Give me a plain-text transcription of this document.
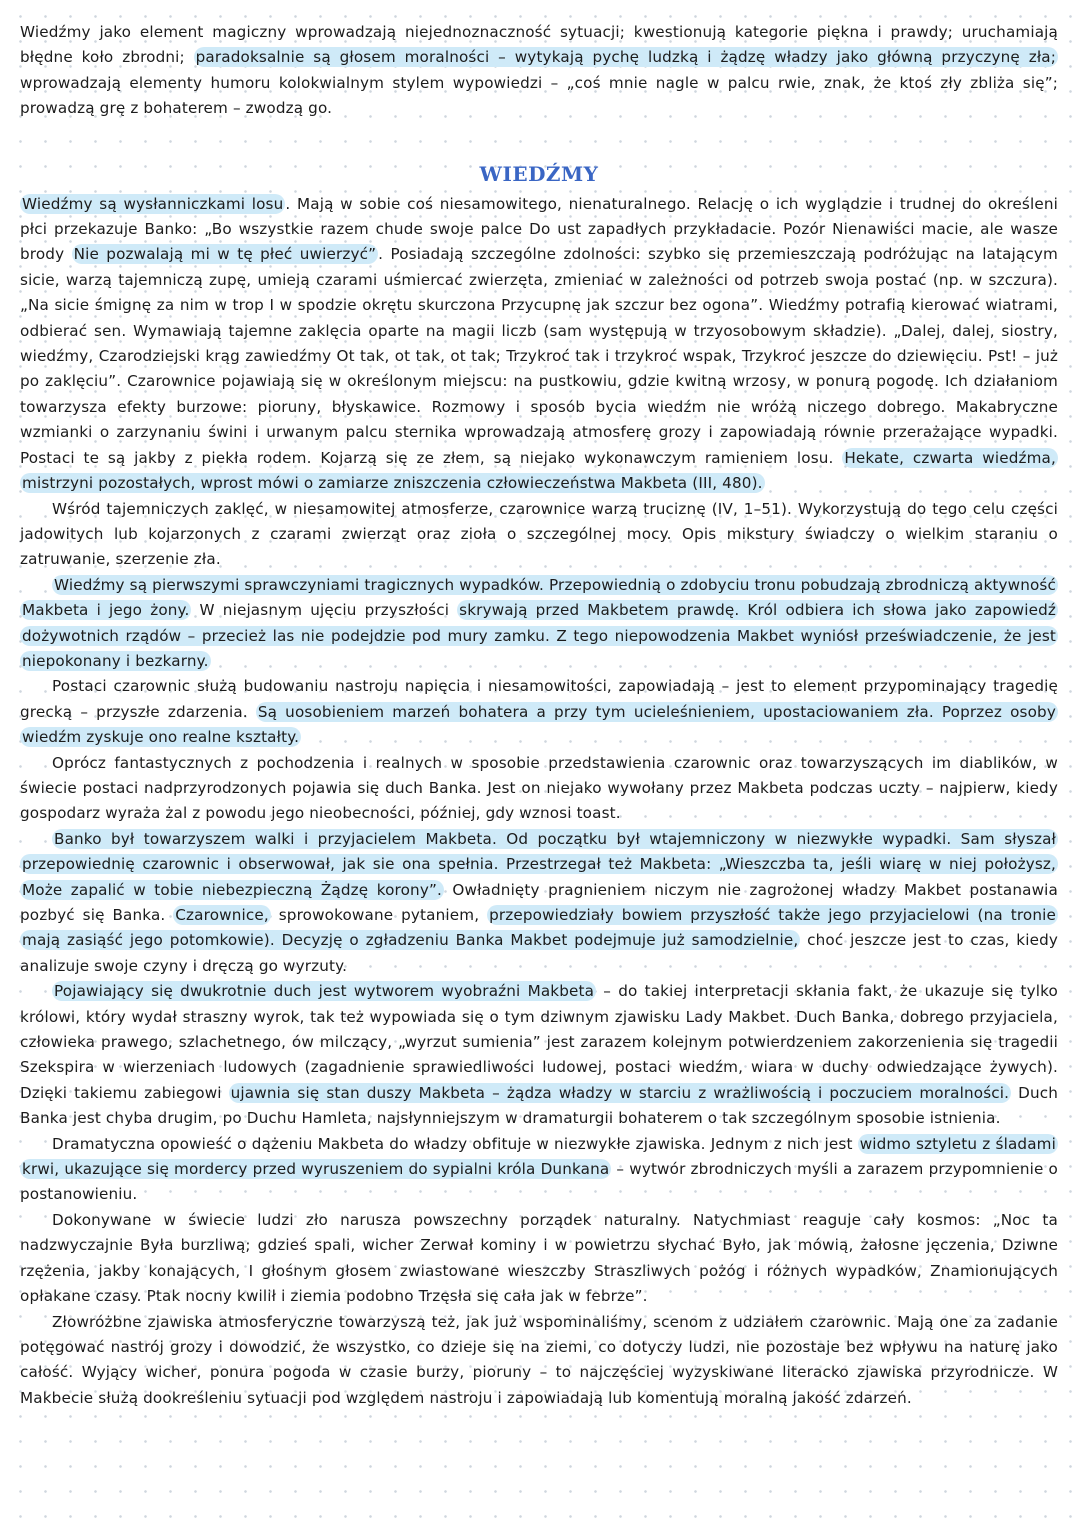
Wiedźmy jako element magiczny wprowadzają niejednoznaczność sytuacji; kwestionują kategorie piękna i prawdy; uruchamiają błędne koło zbrodni; paradoksalnie są głosem moralności – wytykają pychę ludzką i żądzę władzy jako główną przyczynę zła; wprowadzają elementy humoru kolokwialnym stylem wypowiedzi – „coś mnie nagle w palcu rwie, znak, że ktoś zły zbliża się”; prowadzą grę z bohaterem – zwodzą go.

WIEDŹMY

Wiedźmy są wysłanniczkami losu . Mają w sobie coś niesamowitego, nienaturalnego. Relację o ich wyglądzie i trudnej do określeni płci przekazuje Banko: „Bo wszystkie razem chude swoje palce Do ust zapadłych przykładacie. Pozór Nienawiści macie, ale wasze brody Nie pozwalają mi w tę płeć uwierzyć” . Posiadają szczególne zdolności: szybko się przemieszczają podróżując na latającym sicie, warzą tajemniczą zupę, umieją czarami uśmiercać zwierzęta, zmieniać w zależności od potrzeb swoja postać (np. w szczura). „Na sicie śmignę za nim w trop I w spodzie okrętu skurczona Przycupnę jak szczur bez ogona”. Wiedźmy potrafią kierować wiatrami, odbierać sen. Wymawiają tajemne zaklęcia oparte na magii liczb (sam występują w trzyosobowym składzie). „Dalej, dalej, siostry, wiedźmy, Czarodziejski krąg zawiedźmy Ot tak, ot tak, ot tak; Trzykroć tak i trzykroć wspak, Trzykroć jeszcze do dziewięciu. Pst! – już po zaklęciu”. Czarownice pojawiają się w określonym miejscu: na pustkowiu, gdzie kwitną wrzosy, w ponurą pogodę. Ich działaniom towarzysza efekty burzowe: pioruny, błyskawice. Rozmowy i sposób bycia wiedźm nie wróżą niczego dobrego. Makabryczne wzmianki o zarzynaniu świni i urwanym palcu sternika wprowadzają atmosferę grozy i zapowiadają równie przerażające wypadki. Postaci te są jakby z piekła rodem. Kojarzą się ze złem, są niejako wykonawczym ramieniem losu. Hekate, czwarta wiedźma, mistrzyni pozostałych, wprost mówi o zamiarze zniszczenia człowieczeństwa Makbeta (III, 480).

Wśród tajemniczych zaklęć, w niesamowitej atmosferze, czarownice warzą truciznę (IV, 1–51). Wykorzystują do tego celu części jadowitych lub kojarzonych z czarami zwierząt oraz zioła o szczególnej mocy. Opis mikstury świadczy o wielkim staraniu o zatruwanie, szerzenie zła.

Wiedźmy są pierwszymi sprawczyniami tragicznych wypadków. Przepowiednią o zdobyciu tronu pobudzają zbrodniczą aktywność Makbeta i jego żony. W niejasnym ujęciu przyszłości skrywają przed Makbetem prawdę. Król odbiera ich słowa jako zapowiedź dożywotnich rządów – przecież las nie podejdzie pod mury zamku. Z tego niepowodzenia Makbet wyniósł przeświadczenie, że jest niepokonany i bezkarny.

Postaci czarownic służą budowaniu nastroju napięcia i niesamowitości, zapowiadają – jest to element przypominający tragedię grecką – przyszłe zdarzenia. Są uosobieniem marzeń bohatera a przy tym ucieleśnieniem, upostaciowaniem zła. Poprzez osoby wiedźm zyskuje ono realne kształty.

Oprócz fantastycznych z pochodzenia i realnych w sposobie przedstawienia czarownic oraz towarzyszących im diablików, w świecie postaci nadprzyrodzonych pojawia się duch Banka. Jest on niejako wywołany przez Makbeta podczas uczty – najpierw, kiedy gospodarz wyraża żal z powodu jego nieobecności, później, gdy wznosi toast.

Banko był towarzyszem walki i przyjacielem Makbeta. Od początku był wtajemniczony w niezwykłe wypadki. Sam słyszał przepowiednię czarownic i obserwował, jak sie ona spełnia. Przestrzegał też Makbeta: „Wieszczba ta, jeśli wiarę w niej położysz, Może zapalić w tobie niebezpieczną Żądzę korony”. Owładnięty pragnieniem niczym nie zagrożonej władzy Makbet postanawia pozbyć się Banka. Czarownice, sprowokowane pytaniem, przepowiedziały bowiem przyszłość także jego przyjacielowi (na tronie mają zasiąść jego potomkowie). Decyzję o zgładzeniu Banka Makbet podejmuje już samodzielnie, choć jeszcze jest to czas, kiedy analizuje swoje czyny i dręczą go wyrzuty.

Pojawiający się dwukrotnie duch jest wytworem wyobraźni Makbeta – do takiej interpretacji skłania fakt, że ukazuje się tylko królowi, który wydał straszny wyrok, tak też wypowiada się o tym dziwnym zjawisku Lady Makbet. Duch Banka, dobrego przyjaciela, człowieka prawego, szlachetnego, ów milczący, „wyrzut sumienia” jest zarazem kolejnym potwierdzeniem zakorzenienia się tragedii Szekspira w wierzeniach ludowych (zagadnienie sprawiedliwości ludowej, postaci wiedźm, wiara w duchy odwiedzające żywych). Dzięki takiemu zabiegowi ujawnia się stan duszy Makbeta – żądza władzy w starciu z wrażliwością i poczuciem moralności. Duch Banka jest chyba drugim, po Duchu Hamleta, najsłynniejszym w dramaturgii bohaterem o tak szczególnym sposobie istnienia.

Dramatyczna opowieść o dążeniu Makbeta do władzy obfituje w niezwykłe zjawiska. Jednym z nich jest widmo sztyletu z śladami krwi, ukazujące się mordercy przed wyruszeniem do sypialni króla Dunkana – wytwór zbrodniczych myśli a zarazem przypomnienie o postanowieniu.

Dokonywane w świecie ludzi zło narusza powszechny porządek naturalny. Natychmiast reaguje cały kosmos: „Noc ta nadzwyczajnie Była burzliwą; gdzieś spali, wicher Zerwał kominy i w powietrzu słychać Było, jak mówią, żałosne jęczenia, Dziwne rzężenia, jakby konających, I głośnym głosem zwiastowane wieszczby Straszliwych pożóg i różnych wypadków, Znamionujących opłakane czasy. Ptak nocny kwilił i ziemia podobno Trzęsła się cała jak w febrze”.

Złowróżbne zjawiska atmosferyczne towarzyszą też, jak już wspominaliśmy, scenom z udziałem czarownic. Mają one za zadanie potęgować nastrój grozy i dowodzić, że wszystko, co dzieje się na ziemi, co dotyczy ludzi, nie pozostaje bez wpływu na naturę jako całość. Wyjący wicher, ponura pogoda w czasie burzy, pioruny – to najczęściej wyzyskiwane literacko zjawiska przyrodnicze. W Makbecie służą dookreśleniu sytuacji pod względem nastroju i zapowiadają lub komentują moralną jakość zdarzeń.
